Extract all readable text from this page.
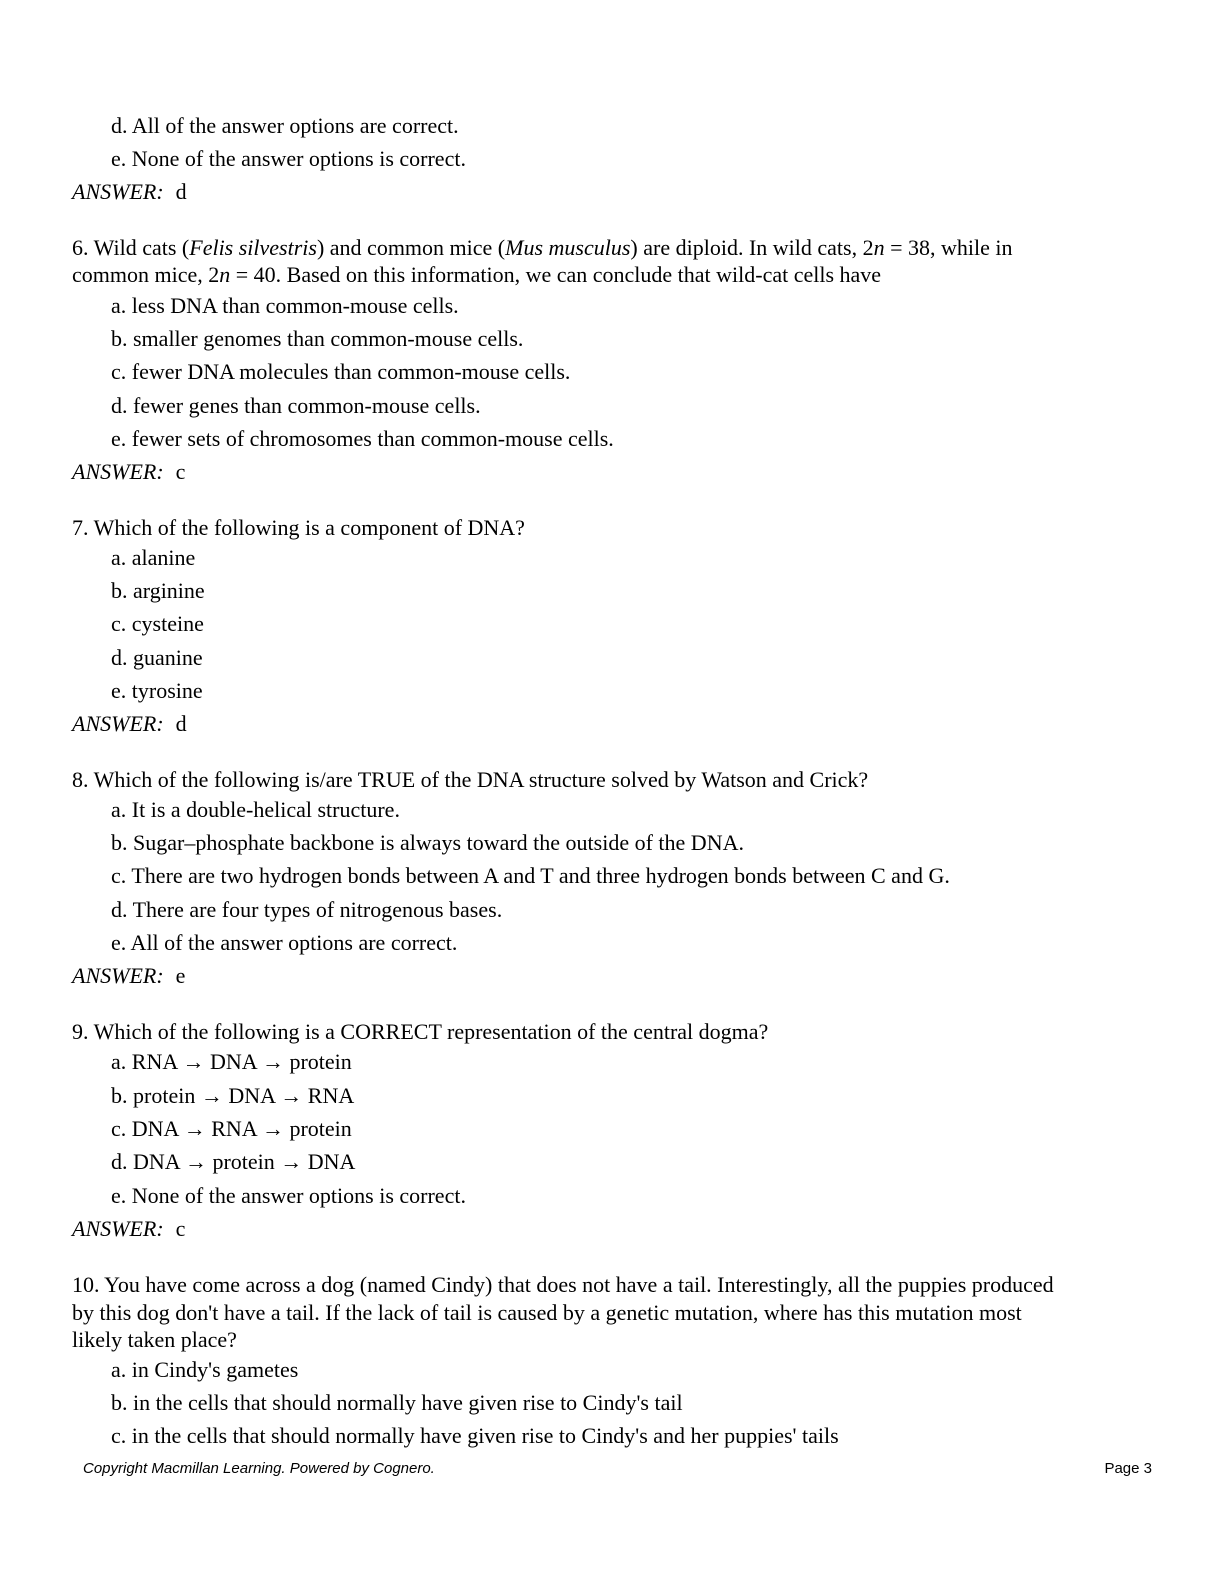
d. All of the answer options are correct.
e. None of the answer options is correct.
ANSWER: d
6. Wild cats (Felis silvestris) and common mice (Mus musculus) are diploid. In wild cats, 2n = 38, while in
common mice, 2n = 40. Based on this information, we can conclude that wild-cat cells have
a. less DNA than common-mouse cells.
b. smaller genomes than common-mouse cells.
c. fewer DNA molecules than common-mouse cells.
d. fewer genes than common-mouse cells.
e. fewer sets of chromosomes than common-mouse cells.
ANSWER: c
7. Which of the following is a component of DNA?
a. alanine
b. arginine
c. cysteine
d. guanine
e. tyrosine
ANSWER: d
8. Which of the following is/are TRUE of the DNA structure solved by Watson and Crick?
a. It is a double-helical structure.
b. Sugar–phosphate backbone is always toward the outside of the DNA.
c. There are two hydrogen bonds between A and T and three hydrogen bonds between C and G.
d. There are four types of nitrogenous bases.
e. All of the answer options are correct.
ANSWER: e
9. Which of the following is a CORRECT representation of the central dogma?
a. RNA → DNA → protein
b. protein → DNA → RNA
c. DNA → RNA → protein
d. DNA → protein → DNA
e. None of the answer options is correct.
ANSWER: c
10. You have come across a dog (named Cindy) that does not have a tail. Interestingly, all the puppies produced
by this dog don't have a tail. If the lack of tail is caused by a genetic mutation, where has this mutation most
likely taken place?
a. in Cindy's gametes
b. in the cells that should normally have given rise to Cindy's tail
c. in the cells that should normally have given rise to Cindy's and her puppies' tails
Copyright Macmillan Learning. Powered by Cognero.	Page 3
